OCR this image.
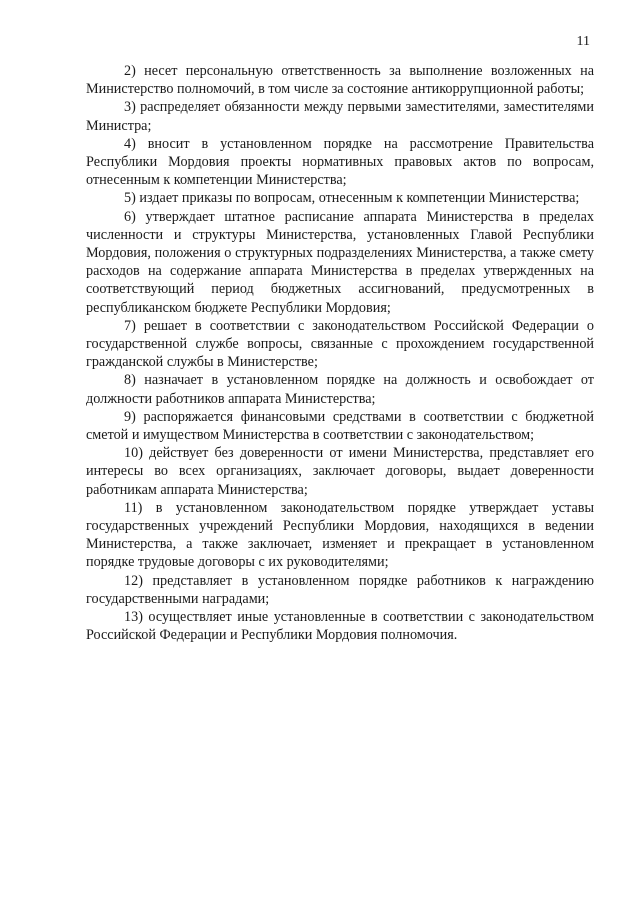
11

2) несет персональную ответственность за выполнение возложенных на Министерство полномочий, в том числе за состояние антикоррупционной работы;

3) распределяет обязанности между первыми заместителями, заместителями Министра;

4) вносит в установленном порядке на рассмотрение Правительства Республики Мордовия проекты нормативных правовых актов по вопросам, отнесенным к компетенции Министерства;

5) издает приказы по вопросам, отнесенным к компетенции Министерства;

6) утверждает штатное расписание аппарата Министерства в пределах численности и структуры Министерства, установленных Главой Республики Мордовия, положения о структурных подразделениях Министерства, а также смету расходов на содержание аппарата Министерства в пределах утвержденных на соответствующий период бюджетных ассигнований, предусмотренных в республиканском бюджете Республики Мордовия;

7) решает в соответствии с законодательством Российской Федерации о государственной службе вопросы, связанные с прохождением государственной гражданской службы в Министерстве;

8) назначает в установленном порядке на должность и освобождает от должности работников аппарата Министерства;

9) распоряжается финансовыми средствами в соответствии с бюджетной сметой и имуществом Министерства в соответствии с законодательством;

10) действует без доверенности от имени Министерства, представляет его интересы во всех организациях, заключает договоры, выдает доверенности работникам аппарата Министерства;

11) в установленном законодательством порядке утверждает уставы государственных учреждений Республики Мордовия, находящихся в ведении Министерства, а также заключает, изменяет и прекращает в установленном порядке трудовые договоры с их руководителями;

12) представляет в установленном порядке работников к награждению государственными наградами;

13) осуществляет иные установленные в соответствии с законодательством Российской Федерации и Республики Мордовия полномочия.
